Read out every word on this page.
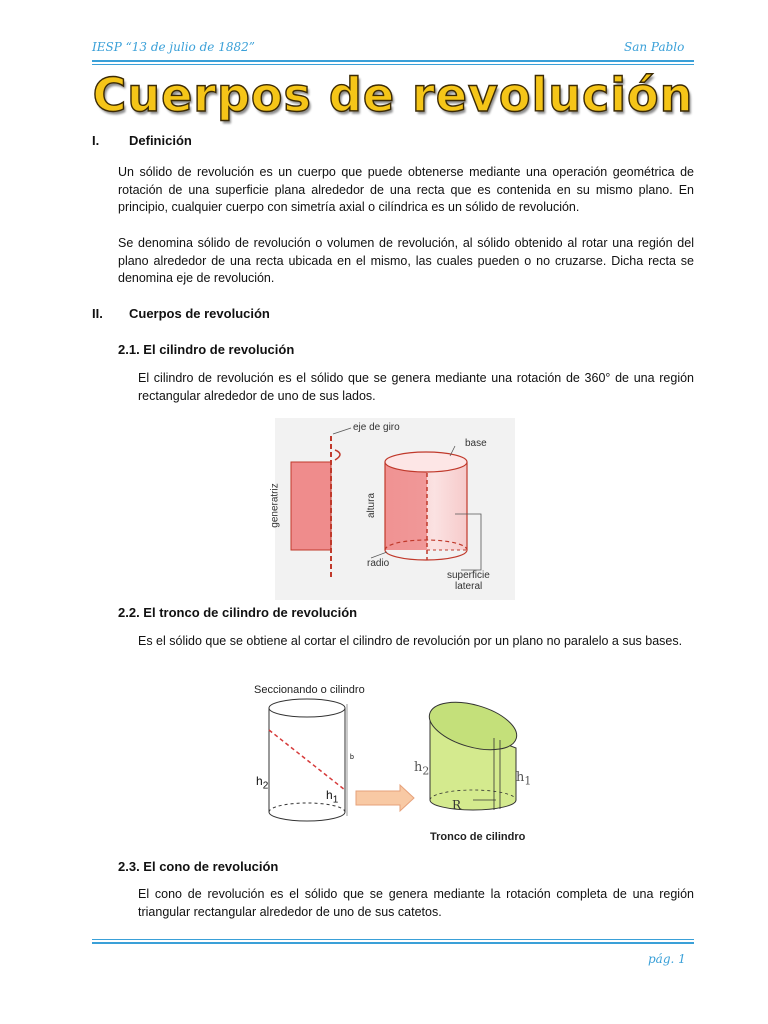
IESP “13 de julio de 1882”	San Pablo
Cuerpos de revolución
I. Definición
Un sólido de revolución es un cuerpo que puede obtenerse mediante una operación geométrica de rotación de una superficie plana alrededor de una recta que es contenida en su mismo plano. En principio, cualquier cuerpo con simetría axial o cilíndrica es un sólido de revolución.
Se denomina sólido de revolución o volumen de revolución, al sólido obtenido al rotar una región del plano alrededor de una recta ubicada en el mismo, las cuales pueden o no cruzarse. Dicha recta se denomina eje de revolución.
II. Cuerpos de revolución
2.1. El cilindro de revolución
El cilindro de revolución es el sólido que se genera mediante una rotación de 360° de una región rectangular alrededor de uno de sus lados.
eje de giro
base
generatriz	altura
radio
superficie
lateral
2.2. El tronco de cilindro de revolución
Es el sólido que se obtiene al cortar el cilindro de revolución por un plano no paralelo a sus bases.
Seccionando o cilindro
$h_2$
$h_1$
b
$h_2$	$h_1$
R
Tronco de cilindro
2.3. El cono de revolución
El cono de revolución es el sólido que se genera mediante la rotación completa de una región triangular rectangular alrededor de uno de sus catetos.
pág. 1
